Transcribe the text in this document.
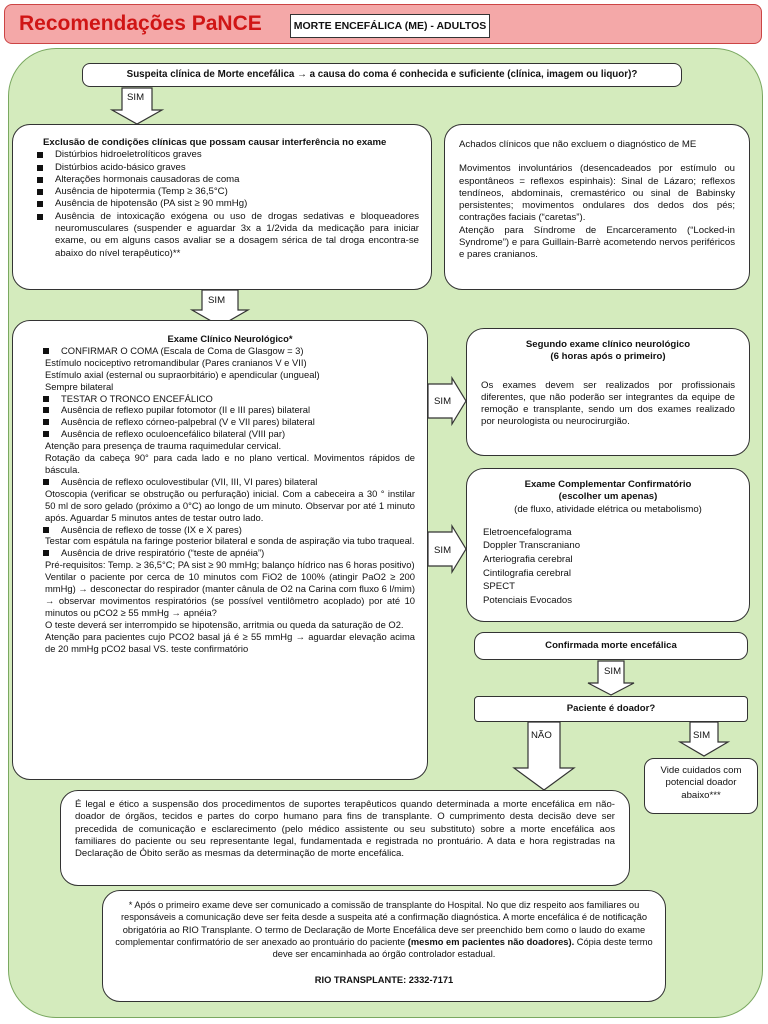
Recomendações PaNCE	MORTE ENCEFÁLICA (ME) - ADULTOS
Suspeita clínica de Morte encefálica → a causa do coma é conhecida e suficiente (clínica, imagem ou liquor)?
SIM

Exclusão de condições clínicas que possam causar interferência no exame

Distúrbios hidroeletrolíticos graves
Distúrbios acido-básico graves
Alterações hormonais causadoras de coma
Ausência de hipotermia (Temp ≥ 36,5°C)
Ausência de hipotensão (PA sist ≥ 90 mmHg)
Ausência de intoxicação exógena ou uso de drogas sedativas e bloqueadores neuromusculares (suspender e aguardar 3x a 1/2vida da medicação para iniciar exame, ou em alguns casos avaliar se a dosagem sérica de tal droga encontra-se abaixo do nível terapêutico)**

Achados clínicos que não excluem o diagnóstico de ME

Movimentos involuntários (desencadeados por estímulo ou espontâneos = reflexos espinhais): Sinal de Lázaro; reflexos tendíneos, abdominais, cremastérico ou sinal de Babinsky persistentes; movimentos ondulares dos dedos dos pés; contrações faciais (“caretas”).

Atenção para Síndrome de Encarceramento (“Locked-in Syndrome”) e para Guillain-Barrè acometendo nervos periféricos e pares cranianos.

SIM

Exame Clínico Neurológico*

CONFIRMAR O COMA (Escala de Coma de Glasgow = 3)

Estímulo nociceptivo retromandibular (Pares cranianos V e VII)

Estímulo axial (esternal ou supraorbitário) e apendicular (ungueal)

Sempre bilateral

TESTAR O TRONCO ENCEFÁLICO
Ausência de reflexo pupilar fotomotor (II e III pares) bilateral
Ausência de reflexo córneo-palpebral (V e VII pares) bilateral
Ausência de reflexo oculoencefálico bilateral (VIII par)

Atenção para presença de trauma raquimedular cervical.

Rotação da cabeça 90° para cada lado e no plano vertical. Movimentos rápidos de báscula.

Ausência de reflexo oculovestibular (VII, III, VI pares) bilateral

Otoscopia (verificar se obstrução ou perfuração) inicial. Com a cabeceira a 30 ° instilar 50 ml de soro gelado (próximo a 0°C) ao longo de um minuto. Observar por até 1 minuto após. Aguardar 5 minutos antes de testar outro lado.

Ausência de reflexo de tosse (IX e X pares)

Testar com espátula na faringe posterior bilateral e sonda de aspiração via tubo traqueal.

Ausência de drive respiratório (“teste de apnéia”)

Pré-requisitos: Temp. ≥ 36,5°C; PA sist ≥ 90 mmHg; balanço hídrico nas 6 horas positivo)

Ventilar o paciente por cerca de 10 minutos com FiO2 de 100% (atingir PaO2 ≥ 200 mmHg) → desconectar do respirador (manter cânula de O2 na Carina com fluxo 6 l/mim) → observar movimentos respiratórios (se possível ventilômetro acoplado) por até 10 minutos ou pCO2 ≥ 55 mmHg → apnéia?

O teste deverá ser interrompido se hipotensão, arritmia ou queda da saturação de O2.

Atenção para pacientes cujo PCO2 basal já é ≥ 55 mmHg → aguardar elevação acima de 20 mmHg pCO2 basal VS. teste confirmatório

SIM
SIM

Segundo exame clínico neurológico

(6 horas após o primeiro)

Os exames devem ser realizados por profissionais diferentes, que não poderão ser integrantes da equipe de remoção e transplante, sendo um dos exames realizado por neurologista ou neurocirurgião.

Exame Complementar Confirmatório

(escolher um apenas)

(de fluxo, atividade elétrica ou metabolismo)

Eletroencefalograma

Doppler Transcraniano

Arteriografia cerebral

Cintilografia cerebral

SPECT

Potenciais Evocados

Confirmada morte encefálica
SIM
Paciente é doador?
NÃO	SIM
Vide cuidados com potencial doador abaixo***

É legal e ético a suspensão dos procedimentos de suportes terapêuticos quando determinada a morte encefálica em não-doador de órgãos, tecidos e partes do corpo humano para fins de transplante. O cumprimento desta decisão deve ser precedida de comunicação e esclarecimento (pelo médico assistente ou seu substituto) sobre a morte encefálica aos familiares do paciente ou seu representante legal, fundamentada e registrada no prontuário. A data e hora registradas na Declaração de Óbito serão as mesmas da determinação de morte encefálica.

* Após o primeiro exame deve ser comunicado a comissão de transplante do Hospital. No que diz respeito aos familiares ou responsáveis a comunicação deve ser feita desde a suspeita até a confirmação diagnóstica. A morte encefálica é de notificação obrigatória ao RIO Transplante. O termo de Declaração de Morte Encefálica deve ser preenchido bem como o laudo do exame complementar confirmatório de ser anexado ao prontuário do paciente (mesmo em pacientes não doadores). Cópia deste termo deve ser encaminhada ao órgão controlador estadual.

RIO TRANSPLANTE: 2332-7171
